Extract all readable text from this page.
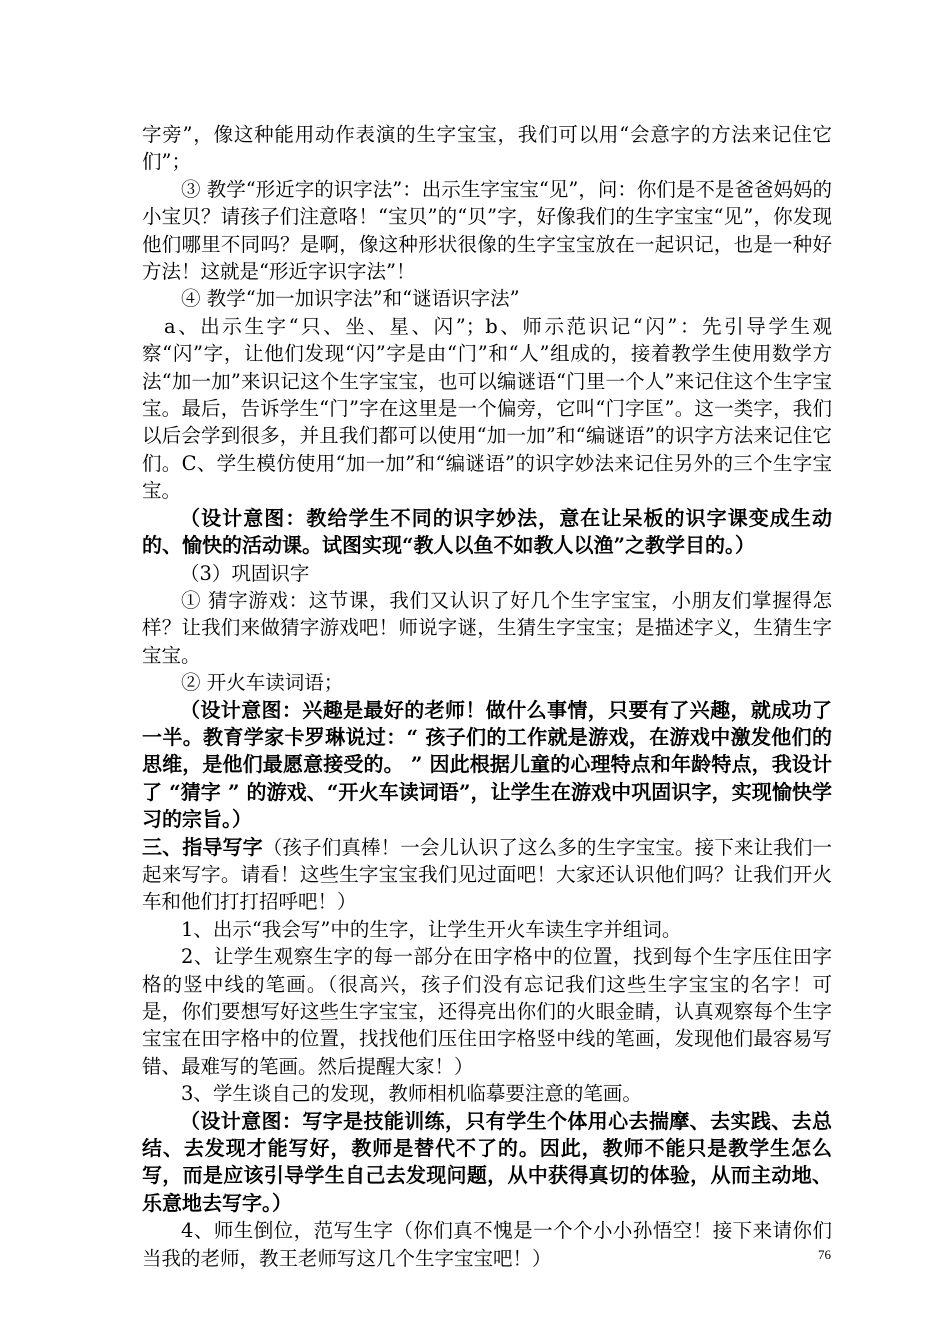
字旁”，像这种能用动作表演的生字宝宝，我们可以用“会意字的方法来记住它们”；

③ 教学“形近字的识字法”：出示生字宝宝“见”，问：你们是不是爸爸妈妈的小宝贝？请孩子们注意咯！“宝贝”的“贝”字，好像我们的生字宝宝“见”，你发现他们哪里不同吗？是啊，像这种形状很像的生字宝宝放在一起识记，也是一种好方法！这就是“形近字识字法”！

④ 教学“加一加识字法”和“谜语识字法”

a、出示生字“只、坐、星、闪”；b、师示范识记“闪”：先引导学生观察“闪”字，让他们发现“闪”字是由“门”和“人”组成的，接着教学生使用数学方法“加一加”来识记这个生字宝宝，也可以编谜语“门里一个人”来记住这个生字宝宝。最后，告诉学生“门”字在这里是一个偏旁，它叫“门字匡”。这一类字，我们以后会学到很多，并且我们都可以使用“加一加”和“编谜语”的识字方法来记住它们。C、学生模仿使用“加一加”和“编谜语”的识字妙法来记住另外的三个生字宝宝。

（设计意图：教给学生不同的识字妙法，意在让呆板的识字课变成生动的、愉快的活动课。试图实现“教人以鱼不如教人以渔”之教学目的。）

（3）巩固识字

① 猜字游戏：这节课，我们又认识了好几个生字宝宝，小朋友们掌握得怎样？让我们来做猜字游戏吧！师说字谜，生猜生字宝宝；是描述字义，生猜生字宝宝。

② 开火车读词语；

（设计意图：兴趣是最好的老师！做什么事情，只要有了兴趣，就成功了一半。教育学家卡罗琳说过：“ 孩子们的工作就是游戏，在游戏中激发他们的思维，是他们最愿意接受的。 ” 因此根据儿童的心理特点和年龄特点，我设计了 “猜字 ” 的游戏、“开火车读词语”，让学生在游戏中巩固识字，实现愉快学习的宗旨。）

三、指导写字（孩子们真棒！一会儿认识了这么多的生字宝宝。接下来让我们一起来写字。请看！这些生字宝宝我们见过面吧！大家还认识他们吗？让我们开火车和他们打打招呼吧！）

1、出示“我会写”中的生字，让学生开火车读生字并组词。

2、让学生观察生字的每一部分在田字格中的位置，找到每个生字压住田字格的竖中线的笔画。（很高兴，孩子们没有忘记我们这些生字宝宝的名字！可是，你们要想写好这些生字宝宝，还得亮出你们的火眼金睛，认真观察每个生字宝宝在田字格中的位置，找找他们压住田字格竖中线的笔画，发现他们最容易写错、最难写的笔画。然后提醒大家！）

3、学生谈自己的发现，教师相机临摹要注意的笔画。

（设计意图：写字是技能训练，只有学生个体用心去揣摩、去实践、去总结、去发现才能写好，教师是替代不了的。因此，教师不能只是教学生怎么写，而是应该引导学生自己去发现问题，从中获得真切的体验，从而主动地、乐意地去写字。）

4、师生倒位，范写生字（你们真不愧是一个个小小孙悟空！接下来请你们当我的老师，教王老师写这几个生字宝宝吧！）	76
